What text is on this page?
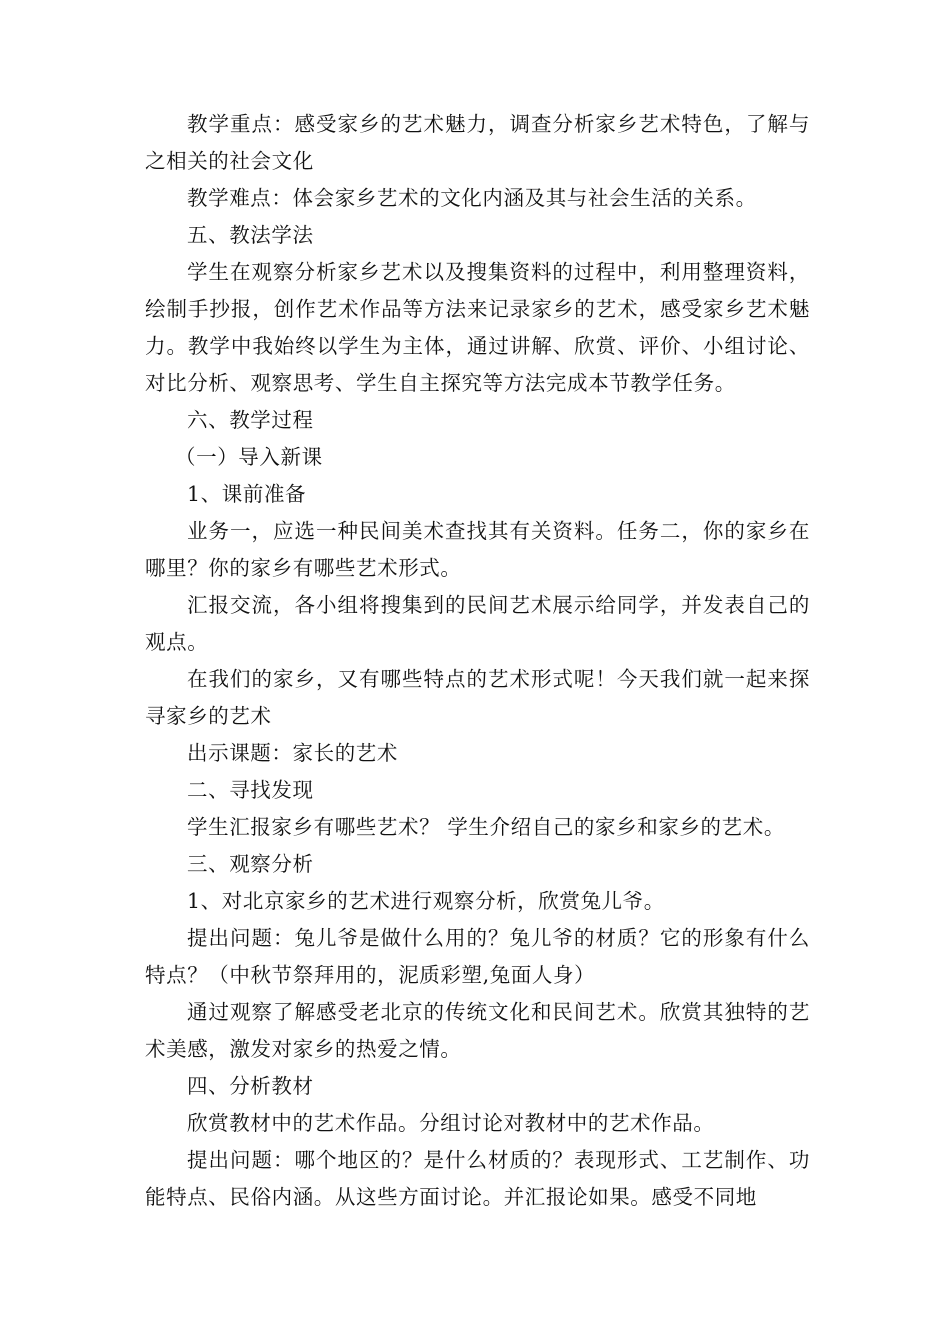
教学重点：感受家乡的艺术魅力，调查分析家乡艺术特色，了解与之相关的社会文化

教学难点：体会家乡艺术的文化内涵及其与社会生活的关系。

五、教法学法

学生在观察分析家乡艺术以及搜集资料的过程中，利用整理资料，绘制手抄报，创作艺术作品等方法来记录家乡的艺术，感受家乡艺术魅力。教学中我始终以学生为主体，通过讲解、欣赏、评价、小组讨论、对比分析、观察思考、学生自主探究等方法完成本节教学任务。

六、教学过程

（一）导入新课

1、课前准备

业务一，应选一种民间美术查找其有关资料。任务二，你的家乡在哪里？你的家乡有哪些艺术形式。

汇报交流，各小组将搜集到的民间艺术展示给同学，并发表自己的观点。

在我们的家乡，又有哪些特点的艺术形式呢！今天我们就一起来探寻家乡的艺术

出示课题：家长的艺术

二、寻找发现

学生汇报家乡有哪些艺术？ 学生介绍自己的家乡和家乡的艺术。

三、观察分析

1、对北京家乡的艺术进行观察分析，欣赏兔儿爷。

提出问题：兔儿爷是做什么用的？兔儿爷的材质？它的形象有什么特点？（中秋节祭拜用的，泥质彩塑,兔面人身）

通过观察了解感受老北京的传统文化和民间艺术。欣赏其独特的艺术美感，激发对家乡的热爱之情。

四、分析教材

欣赏教材中的艺术作品。分组讨论对教材中的艺术作品。

提出问题：哪个地区的？是什么材质的？表现形式、工艺制作、功能特点、民俗内涵。从这些方面讨论。并汇报论如果。感受不同地
